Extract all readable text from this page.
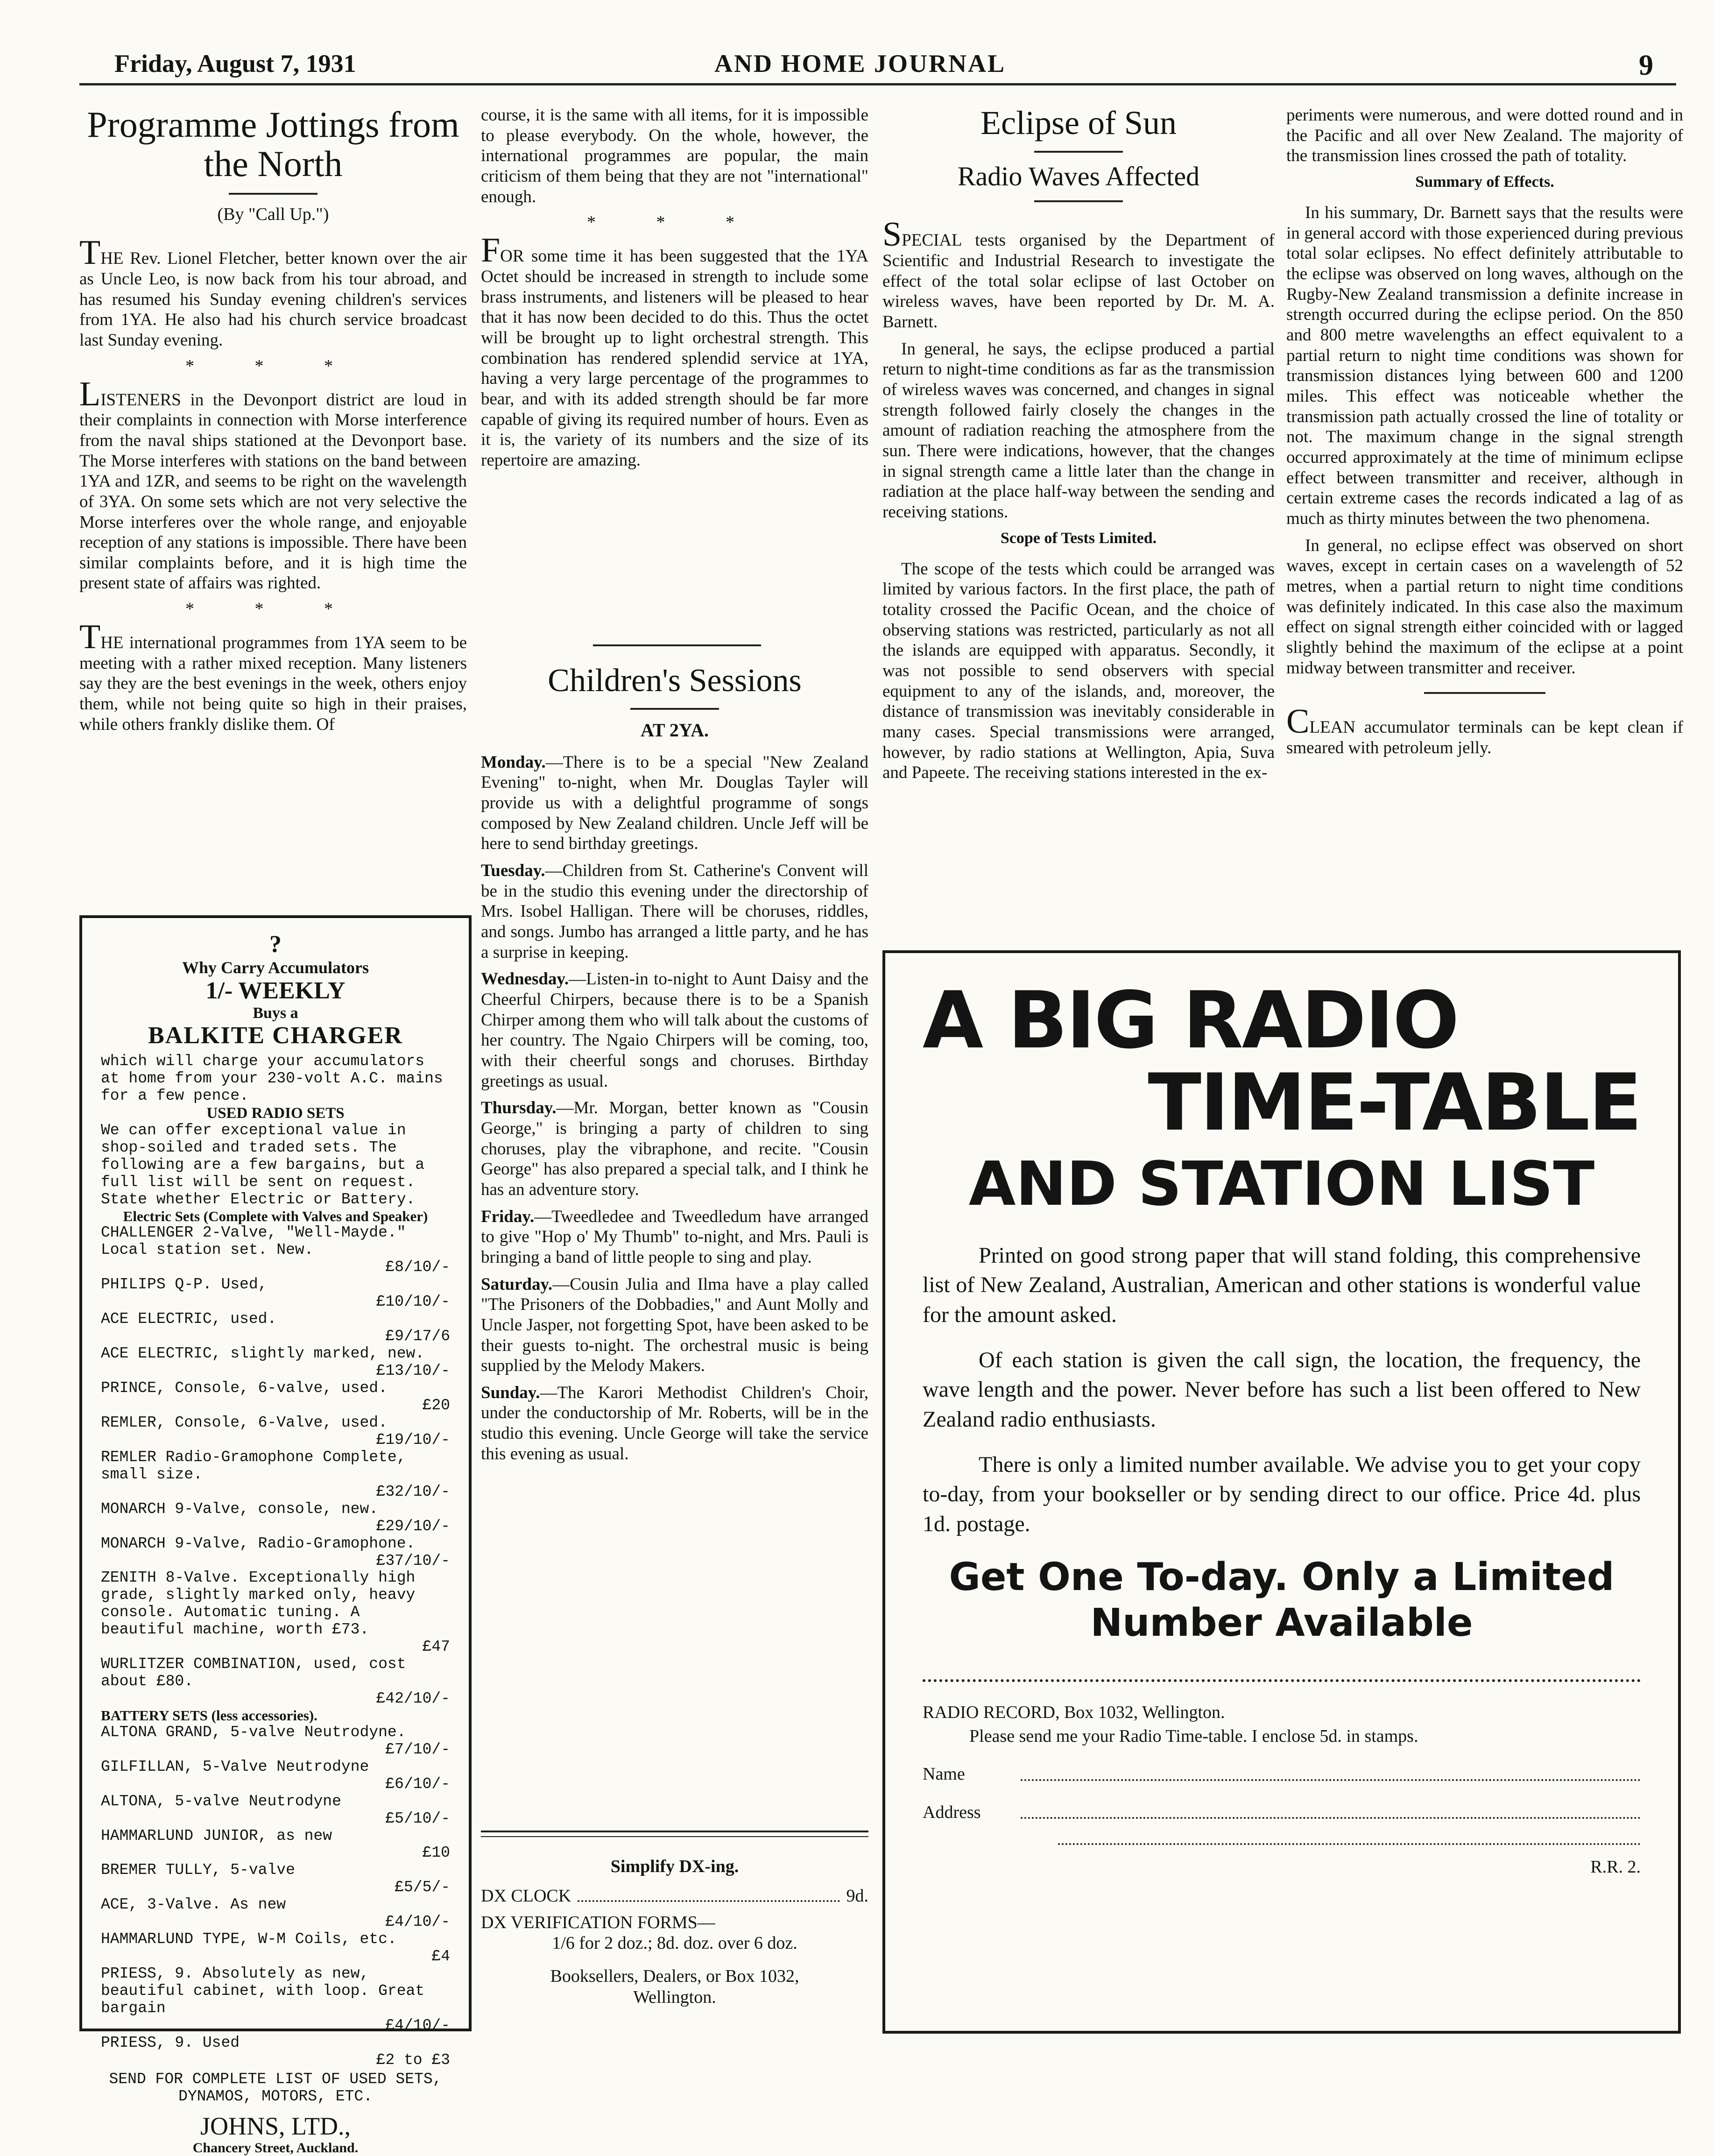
Friday, August 7, 1931	AND HOME JOURNAL	9
Programme Jottings from the North
(By "Call Up.")

THE Rev. Lionel Fletcher, better known over the air as Uncle Leo, is now back from his tour abroad, and has resumed his Sunday evening children's services from 1YA. He also had his church service broadcast last Sunday evening.

* * *

LISTENERS in the Devonport district are loud in their complaints in connection with Morse interference from the naval ships stationed at the Devonport base. The Morse interferes with stations on the band between 1YA and 1ZR, and seems to be right on the wavelength of 3YA. On some sets which are not very selective the Morse interferes over the whole range, and enjoyable reception of any stations is impossible. There have been similar complaints before, and it is high time the present state of affairs was righted.

* * *

THE international programmes from 1YA seem to be meeting with a rather mixed reception. Many listeners say they are the best evenings in the week, others enjoy them, while not being quite so high in their praises, while others frankly dislike them. Of

course, it is the same with all items, for it is impossible to please everybody. On the whole, however, the international programmes are popular, the main criticism of them being that they are not "international" enough.

* * *

FOR some time it has been suggested that the 1YA Octet should be increased in strength to include some brass instruments, and listeners will be pleased to hear that it has now been decided to do this. Thus the octet will be brought up to light orchestral strength. This combination has rendered splendid service at 1YA, having a very large percentage of the programmes to bear, and with its added strength should be far more capable of giving its required number of hours. Even as it is, the variety of its numbers and the size of its repertoire are amazing.

Children's Sessions
AT 2YA.

Monday.—There is to be a special "New Zealand Evening" to-night, when Mr. Douglas Tayler will provide us with a delightful programme of songs composed by New Zealand children. Uncle Jeff will be here to send birthday greetings.

Tuesday.—Children from St. Catherine's Convent will be in the studio this evening under the directorship of Mrs. Isobel Halligan. There will be choruses, riddles, and songs. Jumbo has arranged a little party, and he has a surprise in keeping.

Wednesday.—Listen-in to-night to Aunt Daisy and the Cheerful Chirpers, because there is to be a Spanish Chirper among them who will talk about the customs of her country. The Ngaio Chirpers will be coming, too, with their cheerful songs and choruses. Birthday greetings as usual.

Thursday.—Mr. Morgan, better known as "Cousin George," is bringing a party of children to sing choruses, play the vibraphone, and recite. "Cousin George" has also prepared a special talk, and I think he has an adventure story.

Friday.—Tweedledee and Tweedledum have arranged to give "Hop o' My Thumb" to-night, and Mrs. Pauli is bringing a band of little people to sing and play.

Saturday.—Cousin Julia and Ilma have a play called "The Prisoners of the Dobbadies," and Aunt Molly and Uncle Jasper, not forgetting Spot, have been asked to be their guests to-night. The orchestral music is being supplied by the Melody Makers.

Sunday.—The Karori Methodist Children's Choir, under the conductorship of Mr. Roberts, will be in the studio this evening. Uncle George will take the service this evening as usual.

Simplify DX-ing.
DX CLOCK	9d.
DX VERIFICATION FORMS—
1/6 for 2 doz.; 8d. doz. over 6 doz.
Booksellers, Dealers, or Box 1032, Wellington.
Eclipse of Sun
Radio Waves Affected

SPECIAL tests organised by the Department of Scientific and Industrial Research to investigate the effect of the total solar eclipse of last October on wireless waves, have been reported by Dr. M. A. Barnett.

In general, he says, the eclipse produced a partial return to night-time conditions as far as the transmission of wireless waves was concerned, and changes in signal strength followed fairly closely the changes in the amount of radiation reaching the atmosphere from the sun. There were indications, however, that the changes in signal strength came a little later than the change in radiation at the place half-way between the sending and receiving stations.

Scope of Tests Limited.

The scope of the tests which could be arranged was limited by various factors. In the first place, the path of totality crossed the Pacific Ocean, and the choice of observing stations was restricted, particularly as not all the islands are equipped with apparatus. Secondly, it was not possible to send observers with special equipment to any of the islands, and, moreover, the distance of transmission was inevitably considerable in many cases. Special transmissions were arranged, however, by radio stations at Wellington, Apia, Suva and Papeete. The receiving stations interested in the ex-

periments were numerous, and were dotted round and in the Pacific and all over New Zealand. The majority of the transmission lines crossed the path of totality.

Summary of Effects.

In his summary, Dr. Barnett says that the results were in general accord with those experienced during previous total solar eclipses. No effect definitely attributable to the eclipse was observed on long waves, although on the Rugby-New Zealand transmission a definite increase in strength occurred during the eclipse period. On the 850 and 800 metre wavelengths an effect equivalent to a partial return to night time conditions was shown for transmission distances lying between 600 and 1200 miles. This effect was noticeable whether the transmission path actually crossed the line of totality or not. The maximum change in the signal strength occurred approximately at the time of minimum eclipse effect between transmitter and receiver, although in certain extreme cases the records indicated a lag of as much as thirty minutes between the two phenomena.

In general, no eclipse effect was observed on short waves, except in certain cases on a wavelength of 52 metres, when a partial return to night time conditions was definitely indicated. In this case also the maximum effect on signal strength either coincided with or lagged slightly behind the maximum of the eclipse at a point midway between transmitter and receiver.

CLEAN accumulator terminals can be kept clean if smeared with petroleum jelly.

?
Why Carry Accumulators
1/- WEEKLY
Buys a
BALKITE CHARGER
which will charge your accumulators at home from your 230-volt A.C. mains for a few pence.
USED RADIO SETS
We can offer exceptional value in shop-soiled and traded sets. The following are a few bargains, but a full list will be sent on request. State whether Electric or Battery.
Electric Sets (Complete with Valves and Speaker)
CHALLENGER 2-Valve, "Well-Mayde." Local station set. New.
£8/10/-
PHILIPS Q-P. Used,
£10/10/-
ACE ELECTRIC, used.
£9/17/6
ACE ELECTRIC, slightly marked, new.
£13/10/-
PRINCE, Console, 6-valve, used.
£20
REMLER, Console, 6-Valve, used.
£19/10/-
REMLER Radio-Gramophone Complete, small size.
£32/10/-
MONARCH 9-Valve, console, new.
£29/10/-
MONARCH 9-Valve, Radio-Gramophone.
£37/10/-
ZENITH 8-Valve. Exceptionally high grade, slightly marked only, heavy console. Automatic tuning. A beautiful machine, worth £73.
£47
WURLITZER COMBINATION, used, cost about £80.
£42/10/-
BATTERY SETS (less accessories).
ALTONA GRAND, 5-valve Neutrodyne.
£7/10/-
GILFILLAN, 5-Valve Neutrodyne
£6/10/-
ALTONA, 5-valve Neutrodyne
£5/10/-
HAMMARLUND JUNIOR, as new
£10
BREMER TULLY, 5-valve
£5/5/-
ACE, 3-Valve. As new
£4/10/-
HAMMARLUND TYPE, W-M Coils, etc.
£4
PRIESS, 9. Absolutely as new, beautiful cabinet, with loop. Great bargain
£4/10/-
PRIESS, 9. Used
£2 to £3
SEND FOR COMPLETE LIST OF USED SETS, DYNAMOS, MOTORS, ETC.
JOHNS, LTD.,
Chancery Street, Auckland.
A BIG RADIO
TIME-TABLE
AND STATION LIST

Printed on good strong paper that will stand folding, this comprehensive list of New Zealand, Australian, American and other stations is wonderful value for the amount asked.

Of each station is given the call sign, the location, the frequency, the wave length and the power. Never before has such a list been offered to New Zealand radio enthusiasts.

There is only a limited number available. We advise you to get your copy to-day, from your bookseller or by sending direct to our office. Price 4d. plus 1d. postage.

Get One To-day. Only a Limited
Number Available
RADIO RECORD, Box 1032, Wellington.
Please send me your Radio Time-table. I enclose 5d. in stamps.
Name
Address
R.R. 2.
